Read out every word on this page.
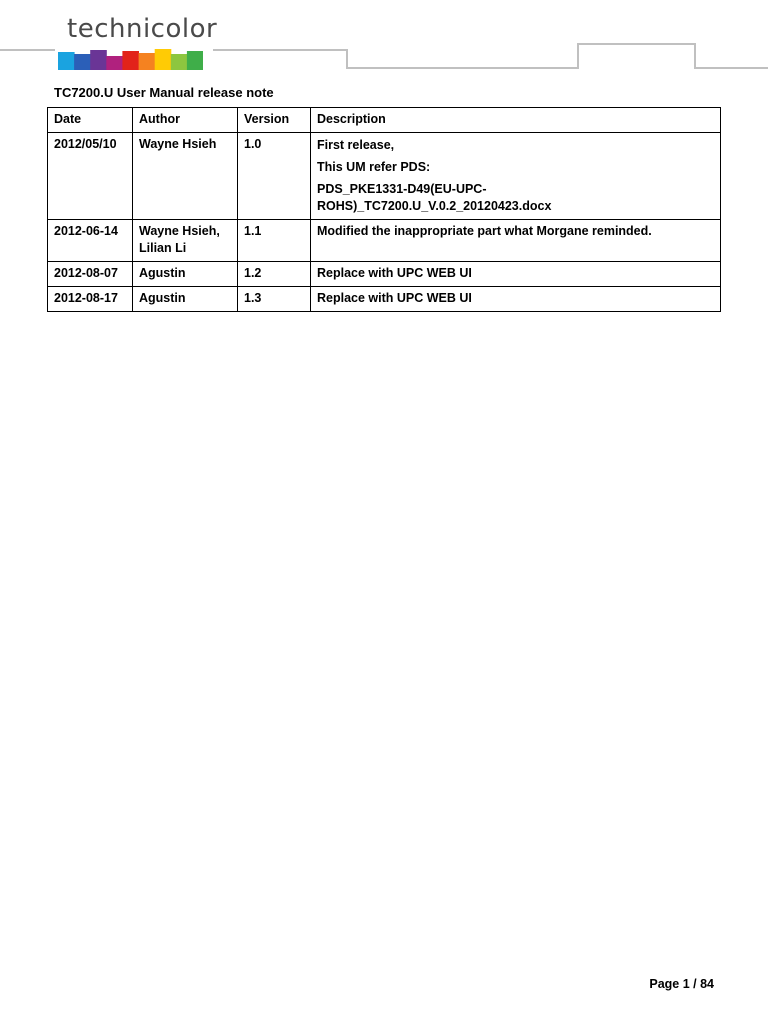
technicolor
TC7200.U User Manual release note
Date	Author	Version	Description
2012/05/10	Wayne Hsieh	1.0	First release,
This UM refer PDS:
PDS_PKE1331-D49(EU-UPC-ROHS)_TC7200.U_V.0.2_20120423.docx

2012-06-14	Wayne Hsieh,
Lilian Li	1.1	Modified the inappropriate part what Morgane reminded.
2012-08-07	Agustin	1.2	Replace with UPC WEB UI
2012-08-17	Agustin	1.3	Replace with UPC WEB UI
Page 1 / 84
